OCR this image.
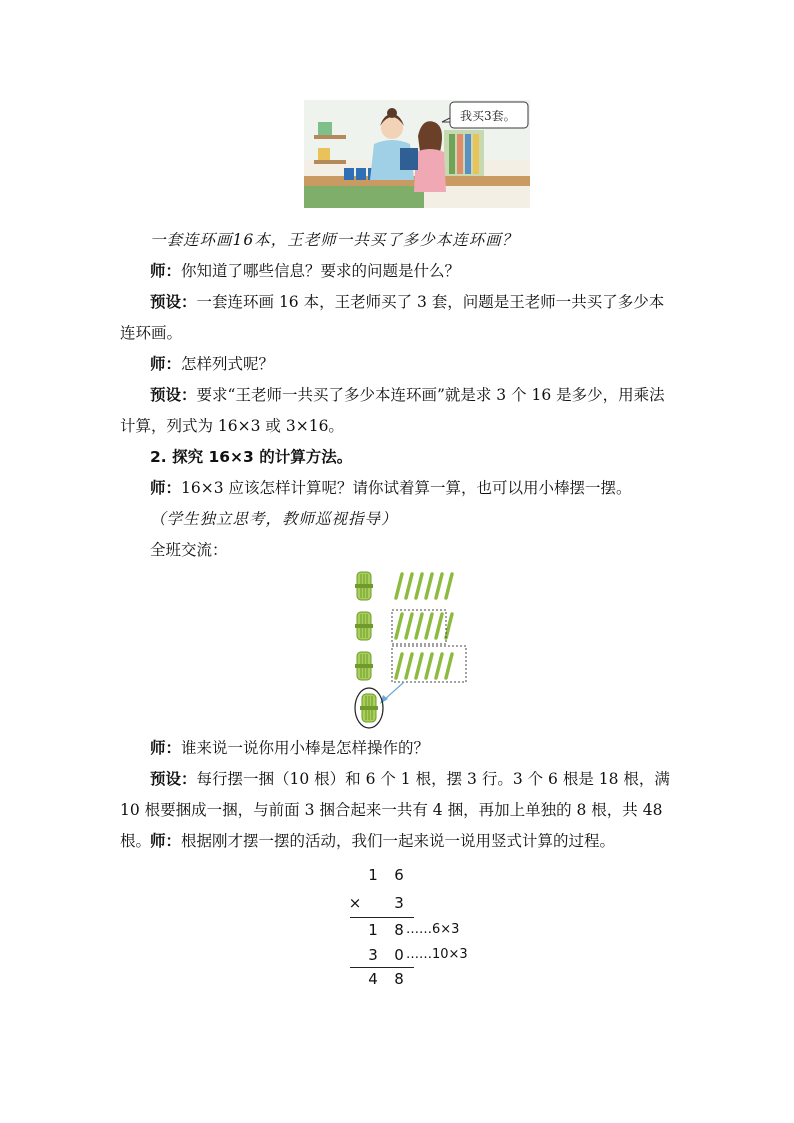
我买3套。

一套连环画16本，王老师一共买了多少本连环画？

师：你知道了哪些信息？要求的问题是什么？

预设：一套连环画 16 本，王老师买了 3 套，问题是王老师一共买了多少本连环画。

师：怎样列式呢？

预设：要求“王老师一共买了多少本连环画”就是求 3 个 16 是多少，用乘法计算，列式为 16×3 或 3×16。

2. 探究 16×3 的计算方法。

师：16×3 应该怎样计算呢？请你试着算一算，也可以用小棒摆一摆。

（学生独立思考，教师巡视指导）

全班交流：

师：谁来说一说你用小棒是怎样操作的？

预设：每行摆一捆（10 根）和 6 个 1 根，摆 3 行。3 个 6 根是 18 根，满 10 根要捆成一捆，与前面 3 捆合起来一共有 4 捆，再加上单独的 8 根，共 48 根。

师：根据刚才摆一摆的活动，我们一起来说一说用竖式计算的过程。

1 6
× 3
1 8 ……6×3
3 0 ……10×3
4 8
